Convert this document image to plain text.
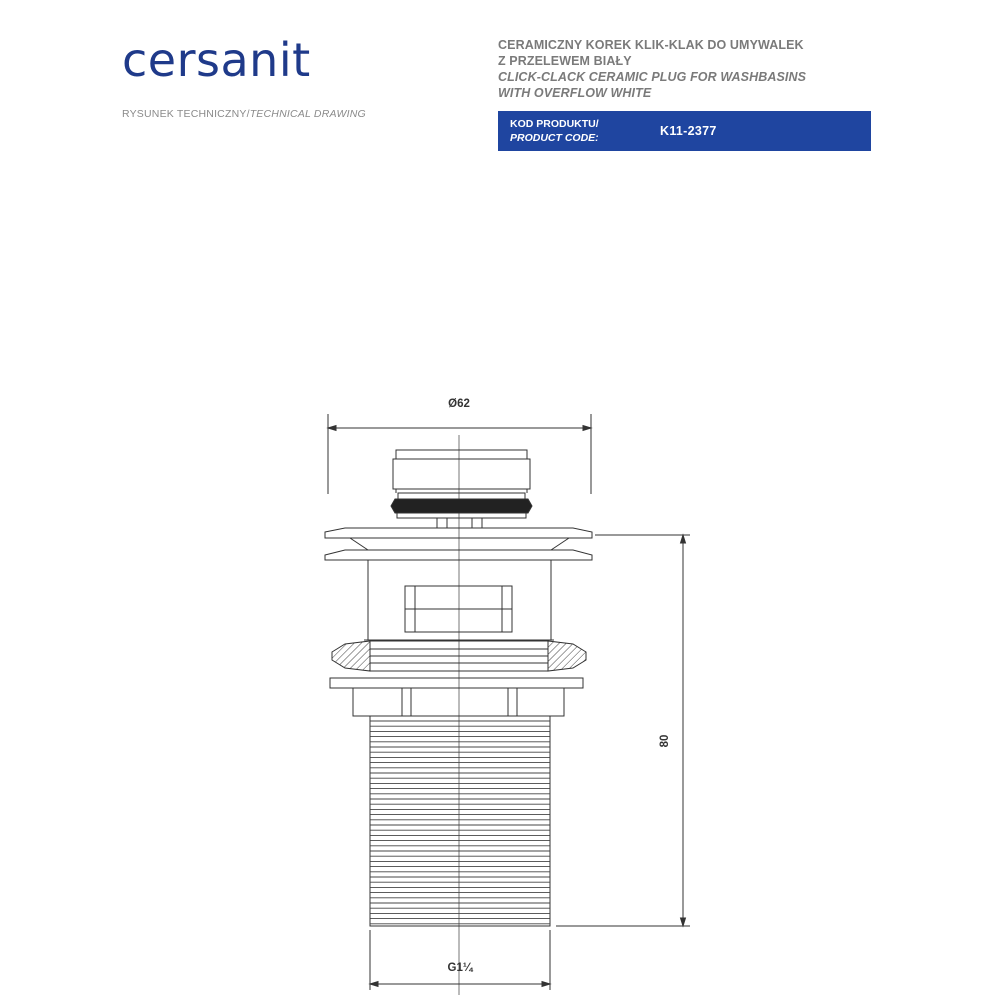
cersanit
RYSUNEK TECHNICZNY/TECHNICAL DRAWING
CERAMICZNY KOREK KLIK-KLAK DO UMYWALEK
Z PRZELEWEM BIAŁY
CLICK-CLACK CERAMIC PLUG FOR WASHBASINS
WITH OVERFLOW WHITE
KOD PRODUKTU/
PRODUCT CODE:	K11-2377
Ø62
80
G1¼
